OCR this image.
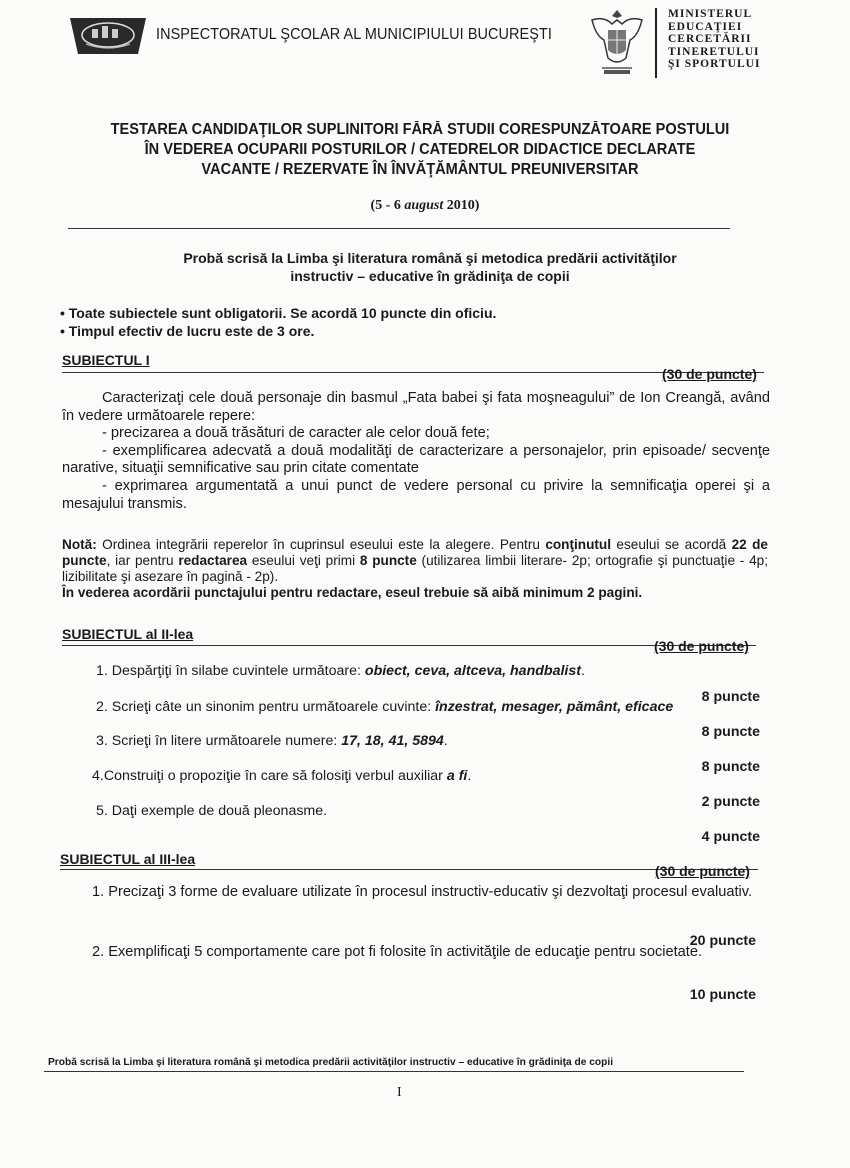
INSPECTORATUL ŞCOLAR AL MUNICIPIULUI BUCUREŞTI
MINISTERUL
EDUCAŢIEI
CERCETĂRII
TINERETULUI
ŞI SPORTULUI
TESTAREA CANDIDAŢILOR SUPLINITORI FĂRĂ STUDII CORESPUNZĂTOARE POSTULUI
ÎN VEDEREA OCUPARII POSTURILOR / CATEDRELOR DIDACTICE DECLARATE
VACANTE / REZERVATE ÎN ÎNVĂŢĂMÂNTUL PREUNIVERSITAR
(5 - 6 august 2010)
Probă scrisă la Limba şi literatura română şi metodica predării activităţilor
instructiv – educative în grădiniţa de copii
• Toate subiectele sunt obligatorii. Se acordă 10 puncte din oficiu.
• Timpul efectiv de lucru este de 3 ore.
SUBIECTUL I
(30 de puncte)

Caracterizaţi cele două personaje din basmul „Fata babei şi fata moşneagului” de Ion Creangă, având în vedere următoarele repere:

- precizarea a două trăsături de caracter ale celor două fete;

- exemplificarea adecvată a două modalităţi de caracterizare a personajelor, prin episoade/ secvenţe narative, situaţii semnificative sau prin citate comentate

- exprimarea argumentată a unui punct de vedere personal cu privire la semnificaţia operei şi a mesajului transmis.

Notă: Ordinea integrării reperelor în cuprinsul eseului este la alegere. Pentru conţinutul eseului se acordă 22 de puncte, iar pentru redactarea eseului veţi primi 8 puncte (utilizarea limbii literare- 2p; ortografie şi punctuaţie - 4p; lizibilitate şi asezare în pagină - 2p).
În vederea acordării punctajului pentru redactare, eseul trebuie să aibă minimum 2 pagini.
SUBIECTUL al II-lea
(30 de puncte)
1. Despărţiţi în silabe cuvintele următoare: obiect, ceva, altceva, handbalist.
8 puncte
2. Scrieţi câte un sinonim pentru următoarele cuvinte: înzestrat, mesager, pământ, eficace
8 puncte
3. Scrieţi în litere următoarele numere: 17, 18, 41, 5894.
8 puncte
4.Construiţi o propoziţie în care să folosiţi verbul auxiliar a fi.
2 puncte
5. Daţi exemple de două pleonasme.
4 puncte
SUBIECTUL al III-lea
(30 de puncte)
1. Precizaţi 3 forme de evaluare utilizate în procesul instructiv-educativ şi dezvoltaţi procesul evaluativ.
20 puncte
2. Exemplificaţi 5 comportamente care pot fi folosite în activităţile de educaţie pentru societate.
10 puncte
Probă scrisă la Limba şi literatura română şi metodica predării activităţilor instructiv – educative în grădiniţa de copii
I
